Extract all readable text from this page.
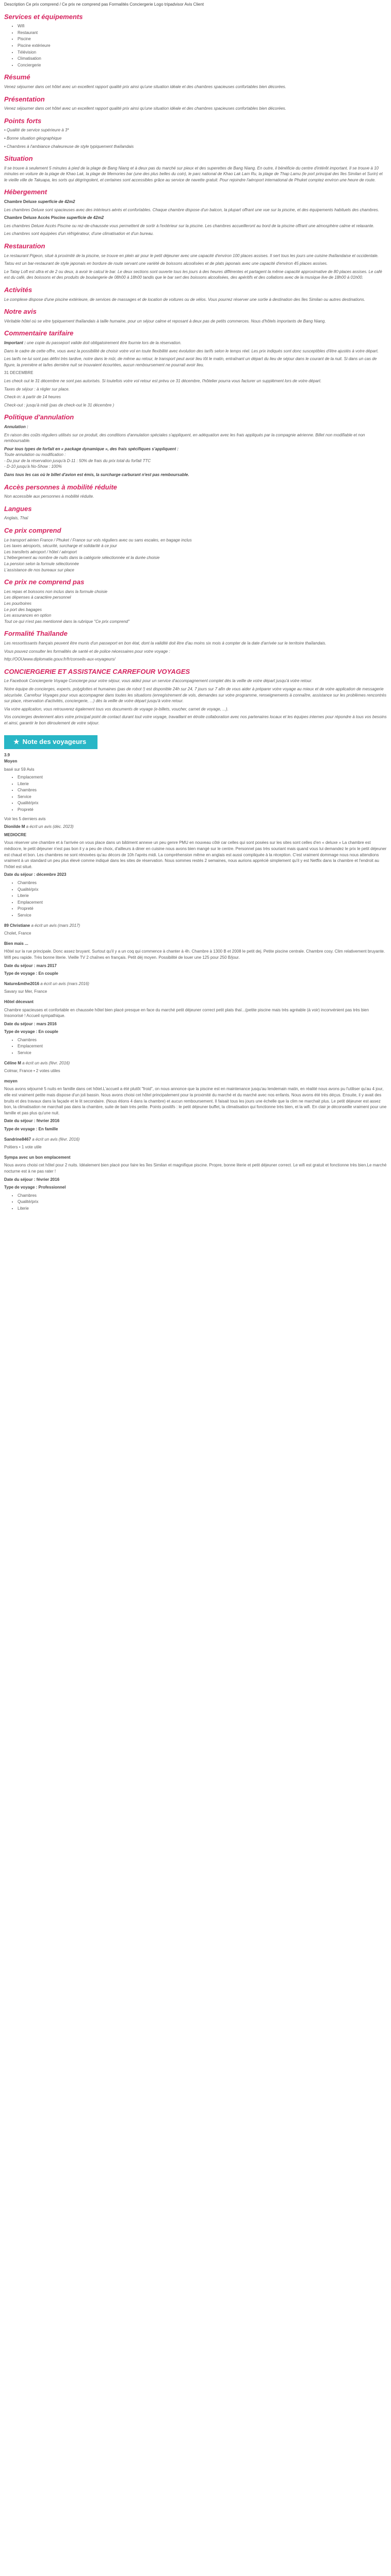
Description Ce prix comprend / Ce prix ne comprend pas Formalités Conciergerie Logo tripadvisor Avis Client
Services et équipements
• Wifi
• Restaurant
• Piscine
• Piscine extérieure
• Télévision
• Climatisation
• Conciergerie
Résumé

Venez séjourner dans cet hôtel avec un excellent rapport qualité prix ainsi qu'une situation idéale et des chambres spacieuses confortables bien décorées.

Présentation

Venez séjourner dans cet hôtel avec un excellent rapport qualité prix ainsi qu'une situation idéale et des chambres spacieuses confortables bien décorées.

Points forts

• Qualité de service supérieure à 3*

• Bonne situation géographique

• Chambres à l'ambiance chaleureuse de style typiquement thaïlandais

Situation

Il se trouve à seulement 5 minutes à pied de la plage de Bang Niang et à deux pas du marché sur pieux et des superettes de Bang Niang. En outre, il bénéficie du centre d'intérêt important. Il se trouve à 10 minutes en voiture de la plage de Khao Lak, la plage de Memories bar (une des plus belles du coin), le parc national de Khao Lak Lam Ru, la plage de Thap Lamu (le port principal des îles Similan et Surin) et le vieille ville de Takuapa, les sorts qui dégringolent, et certaines sont accessibles grâce au service de navette gratuit. Pour rejoindre l'aéroport international de Phuket comptez environ une heure de route.

Hébergement

Chambre Deluxe superficie de 42m2

Les chambres Deluxe sont spacieuses avec des intérieurs aérés et confortables. Chaque chambre dispose d'un balcon, la plupart offrant une vue sur la piscine, et des équipements habituels des chambres.

Chambre Deluxe Accès Piscine superficie de 42m2

Les chambres Deluxe Accès Piscine ou rez-de-chaussée vous permettent de sortir à l'extérieur sur la piscine. Les chambres accueilleront au bord de la piscine offrant une atmosphère calme et relaxante.

Les chambres sont équipées d'un réfrigérateur, d'une climatisation et d'un bureau.

Restauration

Le restaurant Pigeon, situé à proximité de la piscine, se trouve en plein air pour le petit déjeuner avec une capacité d'environ 100 places assises. Il sert tous les jours une cuisine thaïlandaise et occidentale.

Tatou est un bar-restaurant de style japonais en bordure de route servant une variété de boissons alcoolisées et de plats japonais avec une capacité d'environ 45 places assises.

Le Tatay Loft est ultra et de 2 ou deux, à avoir le calcul le bar. Le deux sections sont ouverte tous les jours à des heures différentes et partagent la même capacité approximative de 80 places assises. Le café est du café, des boissons et des produits de boulangerie de 08h00 à 18h00 tandis que le bar sert des boissons alcoolisées, des apéritifs et des collations avec de la musique live de 18h00 à 01h00.

Activités

Le complexe dispose d'une piscine extérieure, de services de massages et de location de voitures ou de vélos. Vous pourrez réserver une sortie à destination des îles Similan ou autres destinations.

Notre avis

Véritable hôtel où se vitre typiquement thaïlandais à taille humaine, pour un séjour calme et reposant à deux pas de petits commerces. Nous d'hôtels importants de Bang Niang.

Commentaire tarifaire

Important : une copie du passeport valide doit obligatoirement être fournie lors de la réservation.

Dans le cadre de cette offre, vous avez la possibilité de choisir votre vol en toute flexibilité avec évolution des tarifs selon le temps réel. Les prix indiqués sont donc susceptibles d'être ajustés à votre départ.

Les tarifs ne lui sont pas défini très tardive, notre dans le mûr, de même au retour, le transport peut avoir lieu tôt le matin, entraînant un départ du lieu de séjour dans le courant de la nuit. Si dans un cas de figure, la première et la/les dernière nuit se trouvaient écourtées, aucun remboursement ne pourrait avoir lieu.

31 DECEMBRE

Les check out le 31 décembre ne sont pas autorisés. Si toutefois votre vol retour est prévu ce 31 décembre, l'hôtelier pourra vous facturer un supplément lors de votre départ.

Taxes de séjour : à régler sur place.

Check-in: à partir de 14 heures

Check-out : jusqu'à midi (pas de check-out le 31 décembre )

Politique d'annulation

Annulation :

En raison des coûts réguliers utilisés sur ce produit, des conditions d'annulation spéciales s'appliquent, en adéquation avec les frais appliqués par la compagnie aérienne. Billet non modifiable et non remboursable.

Pour tous types de forfait en « package dynamique », des frais spécifiques s'appliquent :
Toute annulation ou modification :
- Du jour de la réservation jusqu'à D-11 : 50% de frais du prix total du forfait TTC
- D-10 jusqu'à No-Show : 100%

Dans tous les cas où le billet d'avion est émis, la surcharge carburant n'est pas remboursable.

Accès personnes à mobilité réduite

Non accessible aux personnes à mobilité réduite.

Langues

Anglais, Thaï

Ce prix comprend

Le transport aérien France / Phuket / France sur vols réguliers avec ou sans escales, en bagage inclus
Les taxes aéroports, sécurité, surcharge et solidarité à ce jour
Les transferts aéroport / hôtel / aéroport
L'hébergement au nombre de nuits dans la catégorie sélectionnée et la durée choisie
La pension selon la formule sélectionnée
L'assistance de nos bureaux sur place

Ce prix ne comprend pas

Les repas et boissons non inclus dans la formule choisie
Les dépenses à caractère personnel
Les pourboires
Le port des bagages
Les assurances en option
Tout ce qui n'est pas mentionné dans la rubrique "Ce prix comprend"

Formalité Thaïlande

Les ressortissants français peuvent être munis d'un passeport en bon état, dont la validité doit être d'au moins six mois à compter de la date d'arrivée sur le territoire thaïlandais.

Vous pouvez consulter les formalités de santé et de police nécessaires pour votre voyage :

http://OOUwww.diplomatie.gouv.fr/fr/conseils-aux-voyageurs/

CONCIERGERIE ET ASSISTANCE CARREFOUR VOYAGES

Le Facebook Conciergerie Voyage Concierge pour votre séjour, vous aidez pour un service d'accompagnement complet dès la veille de votre départ jusqu'à votre retour.

Notre équipe de concierges, experts, polyglottes et humaines (pas de robot !) est disponible 24h sur 24, 7 jours sur 7 afin de vous aider à préparer votre voyage au mieux et de votre application de messagerie sécurisée. Carrefour Voyages pour vous accompagner dans toutes les situations (enregistrement de vols, demandes sur votre programme, renseignements à connaître, assistance sur les problèmes rencontrés sur place, réservation d'activités, conciergerie, ...) dès la veille de votre départ jusqu'à votre retour.

Via votre application, vous retrouverez également tous vos documents de voyage (e-billets, voucher, carnet de voyage, ...).

Vos concierges deviennent alors votre principal point de contact durant tout votre voyage, travaillant en étroite collaboration avec nos partenaires locaux et les équipes internes pour répondre à tous vos besoins et ainsi, garantir le bon déroulement de votre séjour.

★ Note des voyageurs
3.9
Moyen

basé sur 59 Avis

• Emplacement
• Literie
• Chambres
• Service
• Qualité/prix
• Propreté

Voir les 5 derniers avis

Dionilde M a écrit un avis (déc. 2023)

MEDIOCRE

Vous réserver une chambre et à l'arrivée on vous place dans un bâtiment annexe un peu genre PMU en nouveau côté car celles qui sont posées sur les sites sont celles d'en « deluxe » La chambre est médiocre, le petit déjeuner n'est pas bon il y a peu de choix, d'ailleurs à diner en cuisine nous avons bien mangé sur le centre. Personnel pas très souriant mais quand vous lui demandez le prix le petit déjeuner est chaud et bon. Les chambres ne sont rénovées qu'au décors de 10h l'après midi. La compréhension même en anglais est aussi compliquée à la réception. C'est vraiment dommage nous nous attendions vraiment à un standard un peu plus élevé comme indiqué dans les sites de réservation. Nous sommes restés 2 semaines, nous aurions apprécié simplement qu'il y est Netflix dans la chambre et l'endroit au l'hôtel est situé.

Date du séjour : décembre 2023

• Chambres
• Qualité/prix
• Literie
• Emplacement
• Propreté
• Service

89 Christiane a écrit un avis (mars 2017)

Cholet, France

Bien mais ...

Hôtel sur la rue principale. Donc assez bruyant. Surtout qu'il y a un coq qui commence à chanter à 4h. Chambre à 1300 B et 2008 le petit dej. Petite piscine centrale. Chambre cosy. Clim relativement bruyante. Wifi peu rapide. Très bonne literie. Vieille TV 2 chaînes en français. Petit déj moyen. Possibilité de louer une 125 pour 250 B/jour.

Date du séjour : mars 2017

Type de voyage : En couple

Nature&mthe2016 a écrit un avis (mars 2016)

Savary sur Mer, France

Hôtel décevant

Chambre spacieuses et confortable en chaussée hôtel bien placé presque en face du marché petit déjeuner correct petit plats thaï...(petite piscine mais très agréable (à voir) inconvénient pas très bien Insonorisé ! Accueil sympathique.

Date du séjour : mars 2016

Type de voyage : En couple

• Chambres
• Emplacement
• Service

Céline M a écrit un avis (févr. 2016)

Colmar, France • 2 votes utiles

moyen

Nous avons séjourné 5 nuits en famille dans cet hôtel.L'accueil a été plutôt "froid", on nous annonce que la piscine est en maintenance jusqu'au lendemain matin, en réalité nous avons pu l'utiliser qu'au 4 jour, elle est vraiment petite mais dispose d'un joli bassin. Nous avons choisi cet hôtel principalement pour la proximité du marché et du marché avec nos enfants. Nous avons été très déçus. Ensuite, il y avait des bruits et des travaux dans la façade et le lit secondaire. (Nous étions 4 dans la chambre) et aucun remboursement. Il faisait tous les jours une échelle que la clim ne marchait plus. Le petit déjeuner est assez bon, la climatisation ne marchait pas dans la chambre, suite de bain très petite. Points positifs : le petit déjeuner buffet, la climatisation qui fonctionne très bien, et la wifi. En clair je déconseille vraiment pour une famille et pas plus qu'une nuit.

Date du séjour : février 2016

Type de voyage : En famille

Sandrine8467 a écrit un avis (févr. 2016)

Poitiers • 1 vote utile

Sympa avec un bon emplacement

Nous avons choisi cet hôtel pour 2 nuits. Idéalement bien placé pour faire les îles Similan et magnifique piscine. Propre, bonne literie et petit déjeuner correct. Le wifi est gratuit et fonctionne très bien.Le marché nocturne est à ne pas rater !

Date du séjour : février 2016

Type de voyage : Professionnel

• Chambres
• Qualité/prix
• Literie
